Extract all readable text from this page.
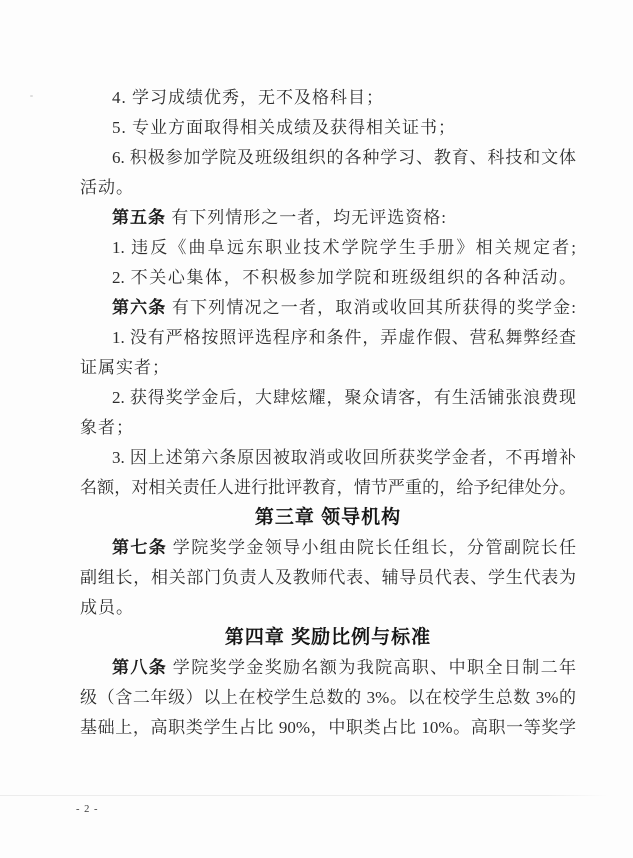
4. 学习成绩优秀，无不及格科目；
5. 专业方面取得相关成绩及获得相关证书；
6. 积极参加学院及班级组织的各种学习、教育、科技和文体
活动。
第五条 有下列情形之一者，均无评选资格:
1. 违反《曲阜远东职业技术学院学生手册》相关规定者;
2. 不关心集体，不积极参加学院和班级组织的各种活动。
第六条 有下列情况之一者，取消或收回其所获得的奖学金:
1. 没有严格按照评选程序和条件，弄虚作假、营私舞弊经查
证属实者；
2. 获得奖学金后，大肆炫耀，聚众请客，有生活铺张浪费现
象者；
3. 因上述第六条原因被取消或收回所获奖学金者，不再增补
名额，对相关责任人进行批评教育，情节严重的，给予纪律处分。
第三章 领导机构
第七条 学院奖学金领导小组由院长任组长，分管副院长任
副组长，相关部门负责人及教师代表、辅导员代表、学生代表为
成员。
第四章 奖励比例与标准
第八条 学院奖学金奖励名额为我院高职、中职全日制二年
级（含二年级）以上在校学生总数的 3%。以在校学生总数 3%的
基础上，高职类学生占比 90%，中职类占比 10%。高职一等奖学
- 2 -
